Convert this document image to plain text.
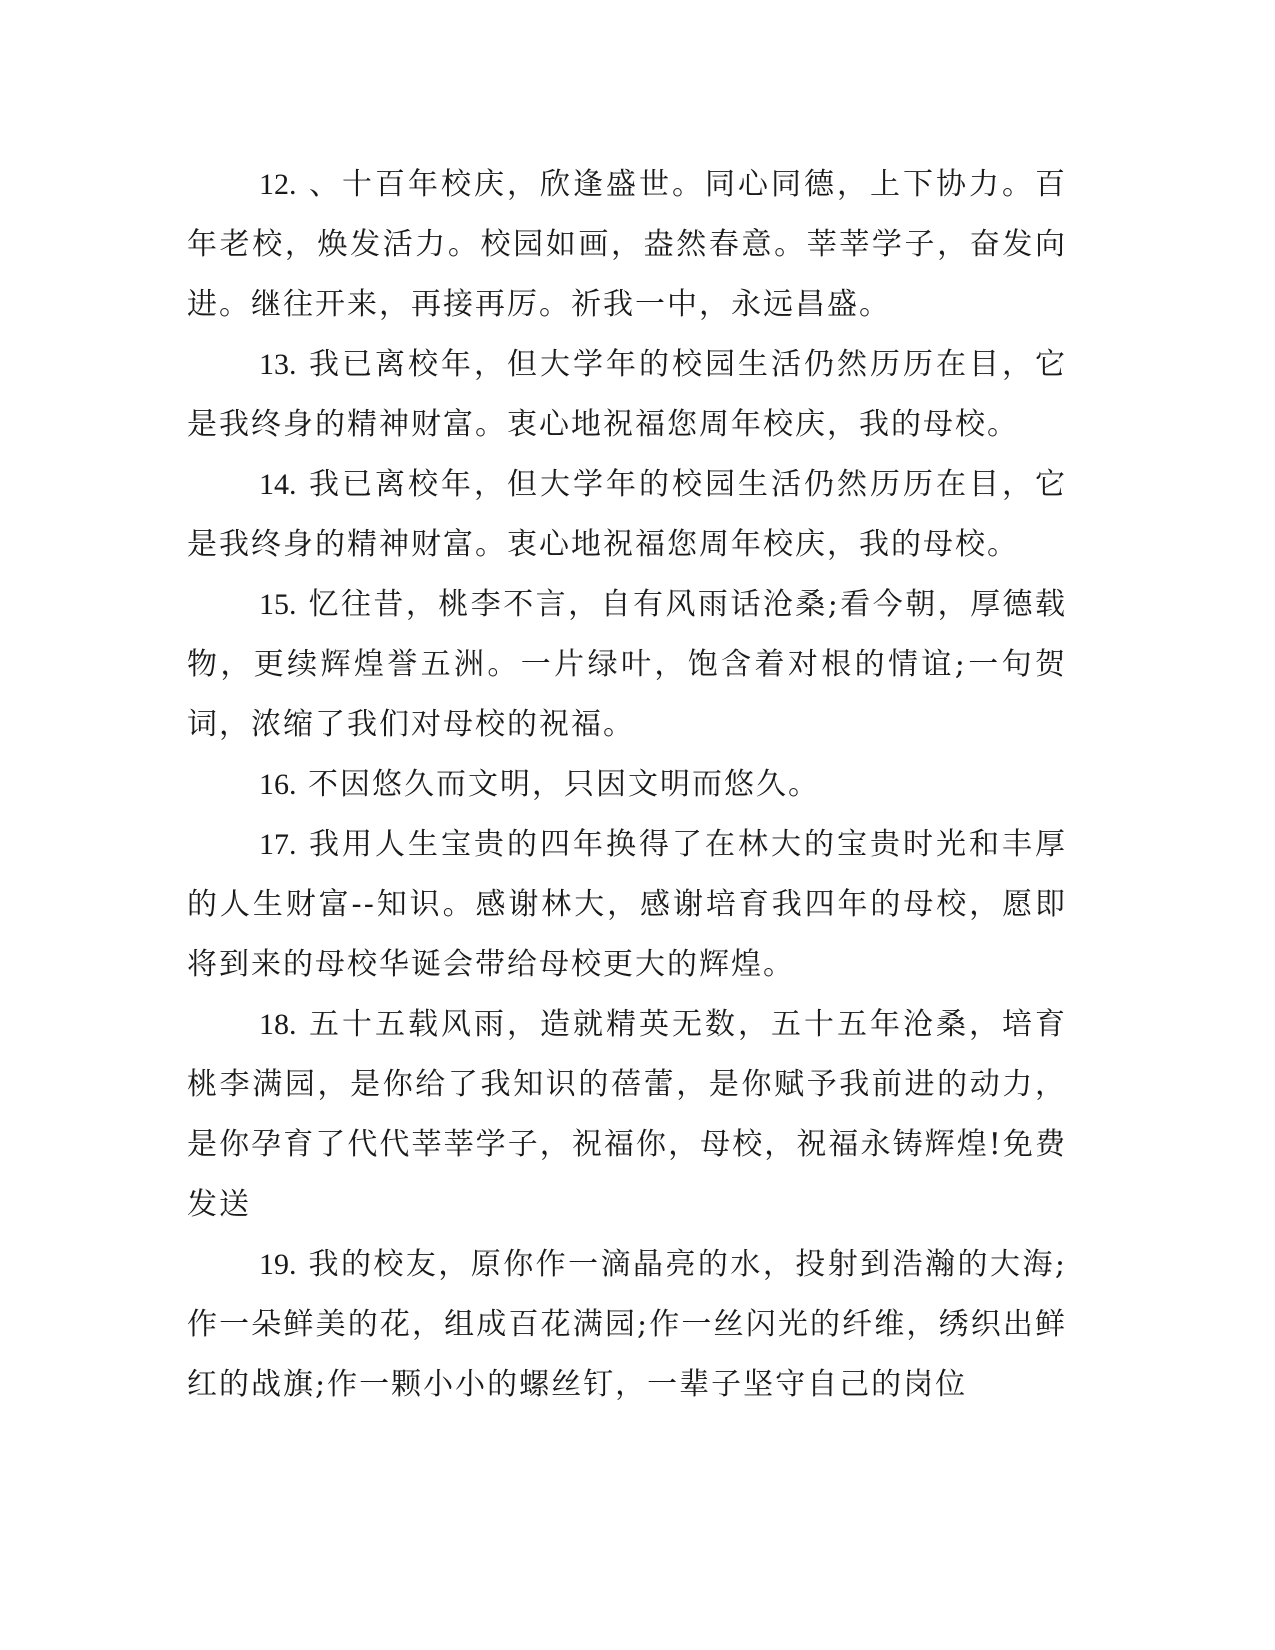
12. 、十百年校庆，欣逢盛世。同心同德，上下协力。百年老校，焕发活力。校园如画，盎然春意。莘莘学子，奋发向进。继往开来，再接再厉。祈我一中，永远昌盛。

13. 我已离校年，但大学年的校园生活仍然历历在目，它是我终身的精神财富。衷心地祝福您周年校庆，我的母校。

14. 我已离校年，但大学年的校园生活仍然历历在目，它是我终身的精神财富。衷心地祝福您周年校庆，我的母校。

15. 忆往昔，桃李不言，自有风雨话沧桑;看今朝，厚德载物，更续辉煌誉五洲。一片绿叶，饱含着对根的情谊;一句贺词，浓缩了我们对母校的祝福。

16. 不因悠久而文明，只因文明而悠久。

17. 我用人生宝贵的四年换得了在林大的宝贵时光和丰厚的人生财富--知识。感谢林大，感谢培育我四年的母校，愿即将到来的母校华诞会带给母校更大的辉煌。

18. 五十五载风雨，造就精英无数，五十五年沧桑，培育桃李满园，是你给了我知识的蓓蕾，是你赋予我前进的动力，是你孕育了代代莘莘学子，祝福你，母校，祝福永铸辉煌!免费发送

19. 我的校友，原你作一滴晶亮的水，投射到浩瀚的大海;作一朵鲜美的花，组成百花满园;作一丝闪光的纤维，绣织出鲜红的战旗;作一颗小小的螺丝钉，一辈子坚守自己的岗位
